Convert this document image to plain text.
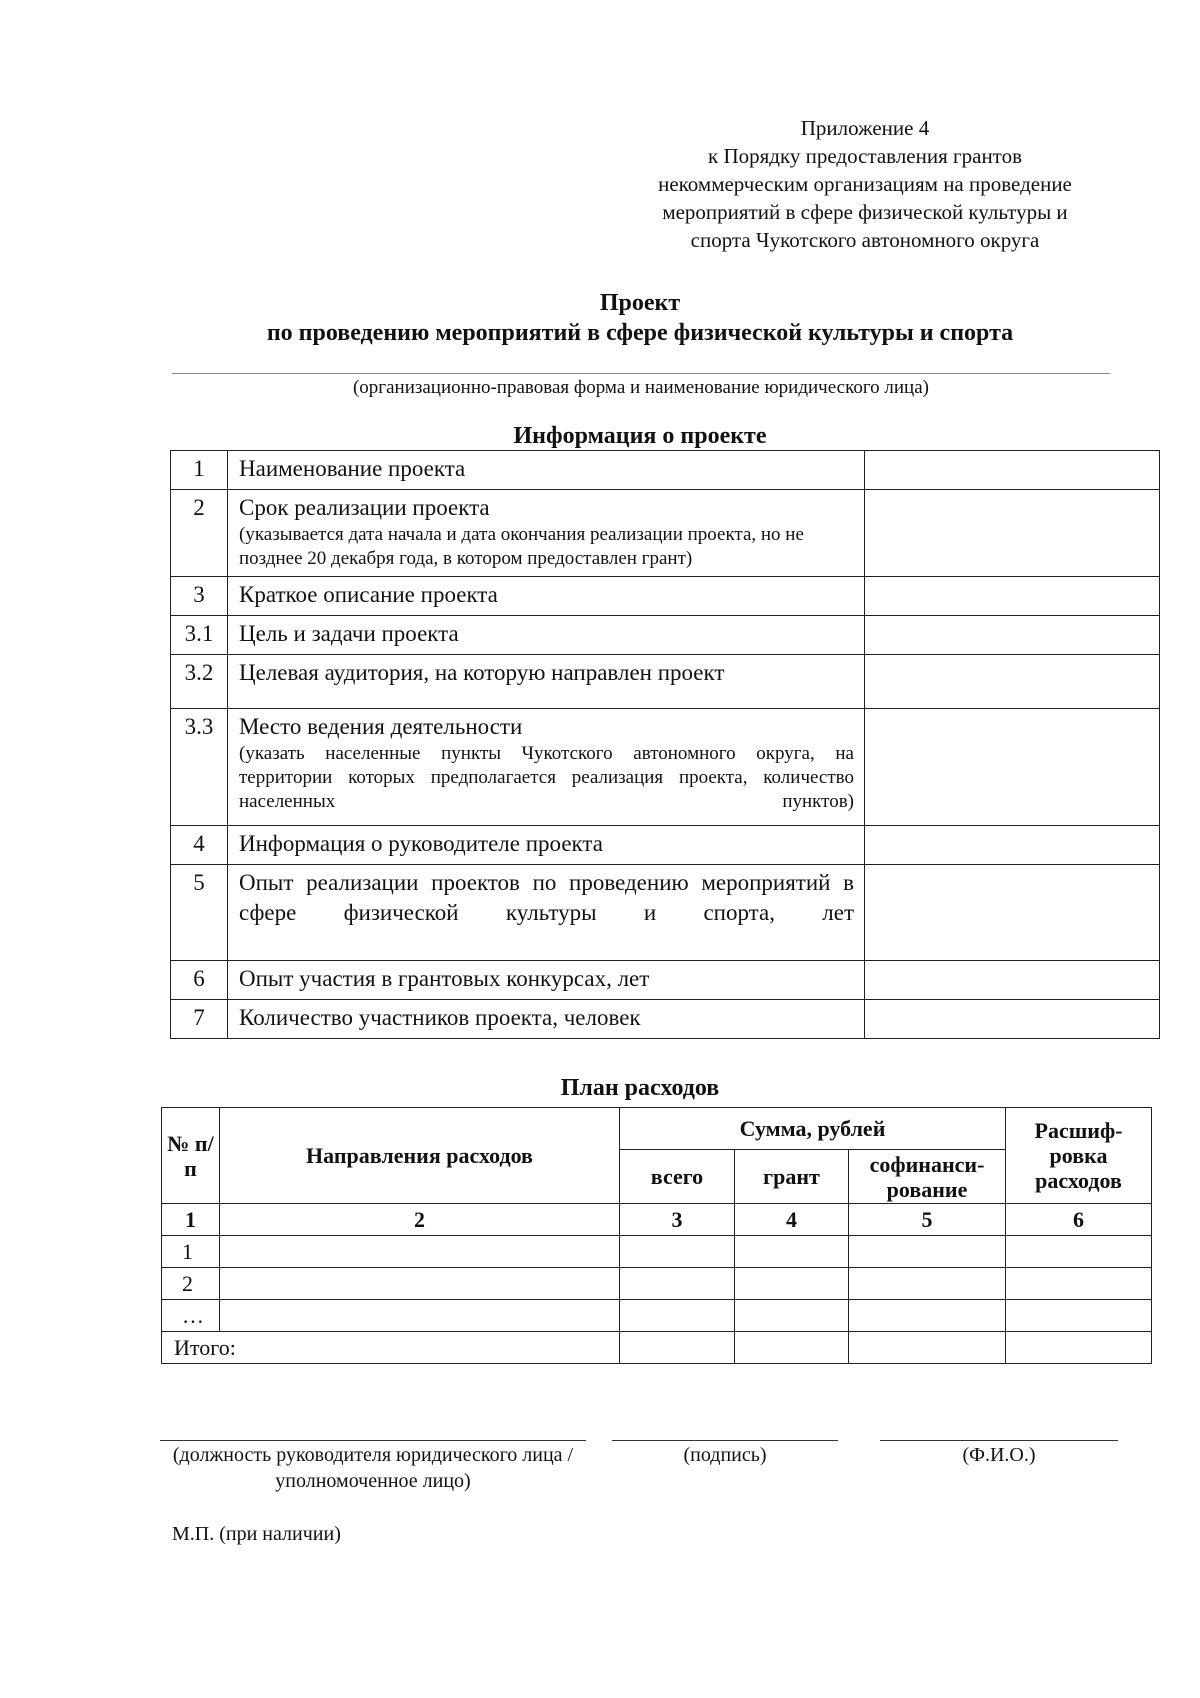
Приложение 4
к Порядку предоставления грантов
некоммерческим организациям на проведение
мероприятий в сфере физической культуры и
спорта Чукотского автономного округа
Проект
по проведению мероприятий в сфере физической культуры и спорта
(организационно-правовая форма и наименование юридического лица)
Информация о проекте
1	Наименование проекта	

2	Срок реализации проекта
(указывается дата начала и дата окончания реализации проекта, но не позднее 20 декабря года, в котором предоставлен грант)	

3	Краткое описание проекта	

3.1	Цель и задачи проекта	

3.2	Целевая аудитория, на которую направлен проект	

3.3	Место ведения деятельности
(указать населенные пункты Чукотского автономного округа, на территории которых предполагается реализация проекта, количество населенных пунктов)	

4	Информация о руководителе проекта	

5	Опыт реализации проектов по проведению мероприятий в сфере физической культуры и спорта, лет	

6	Опыт участия в грантовых конкурсах, лет	

7	Количество участников проекта, человек	

План расходов
№ п/п	Направления расходов	Сумма, рублей			Расшиф-ровка расходов
		всего	грант	софинанси-рование	
1	2	3	4	5	6
1					
2					
…					
Итого:					
(должность руководителя юридического лица / уполномоченное лицо)
(подпись)	(Ф.И.О.)
М.П. (при наличии)
